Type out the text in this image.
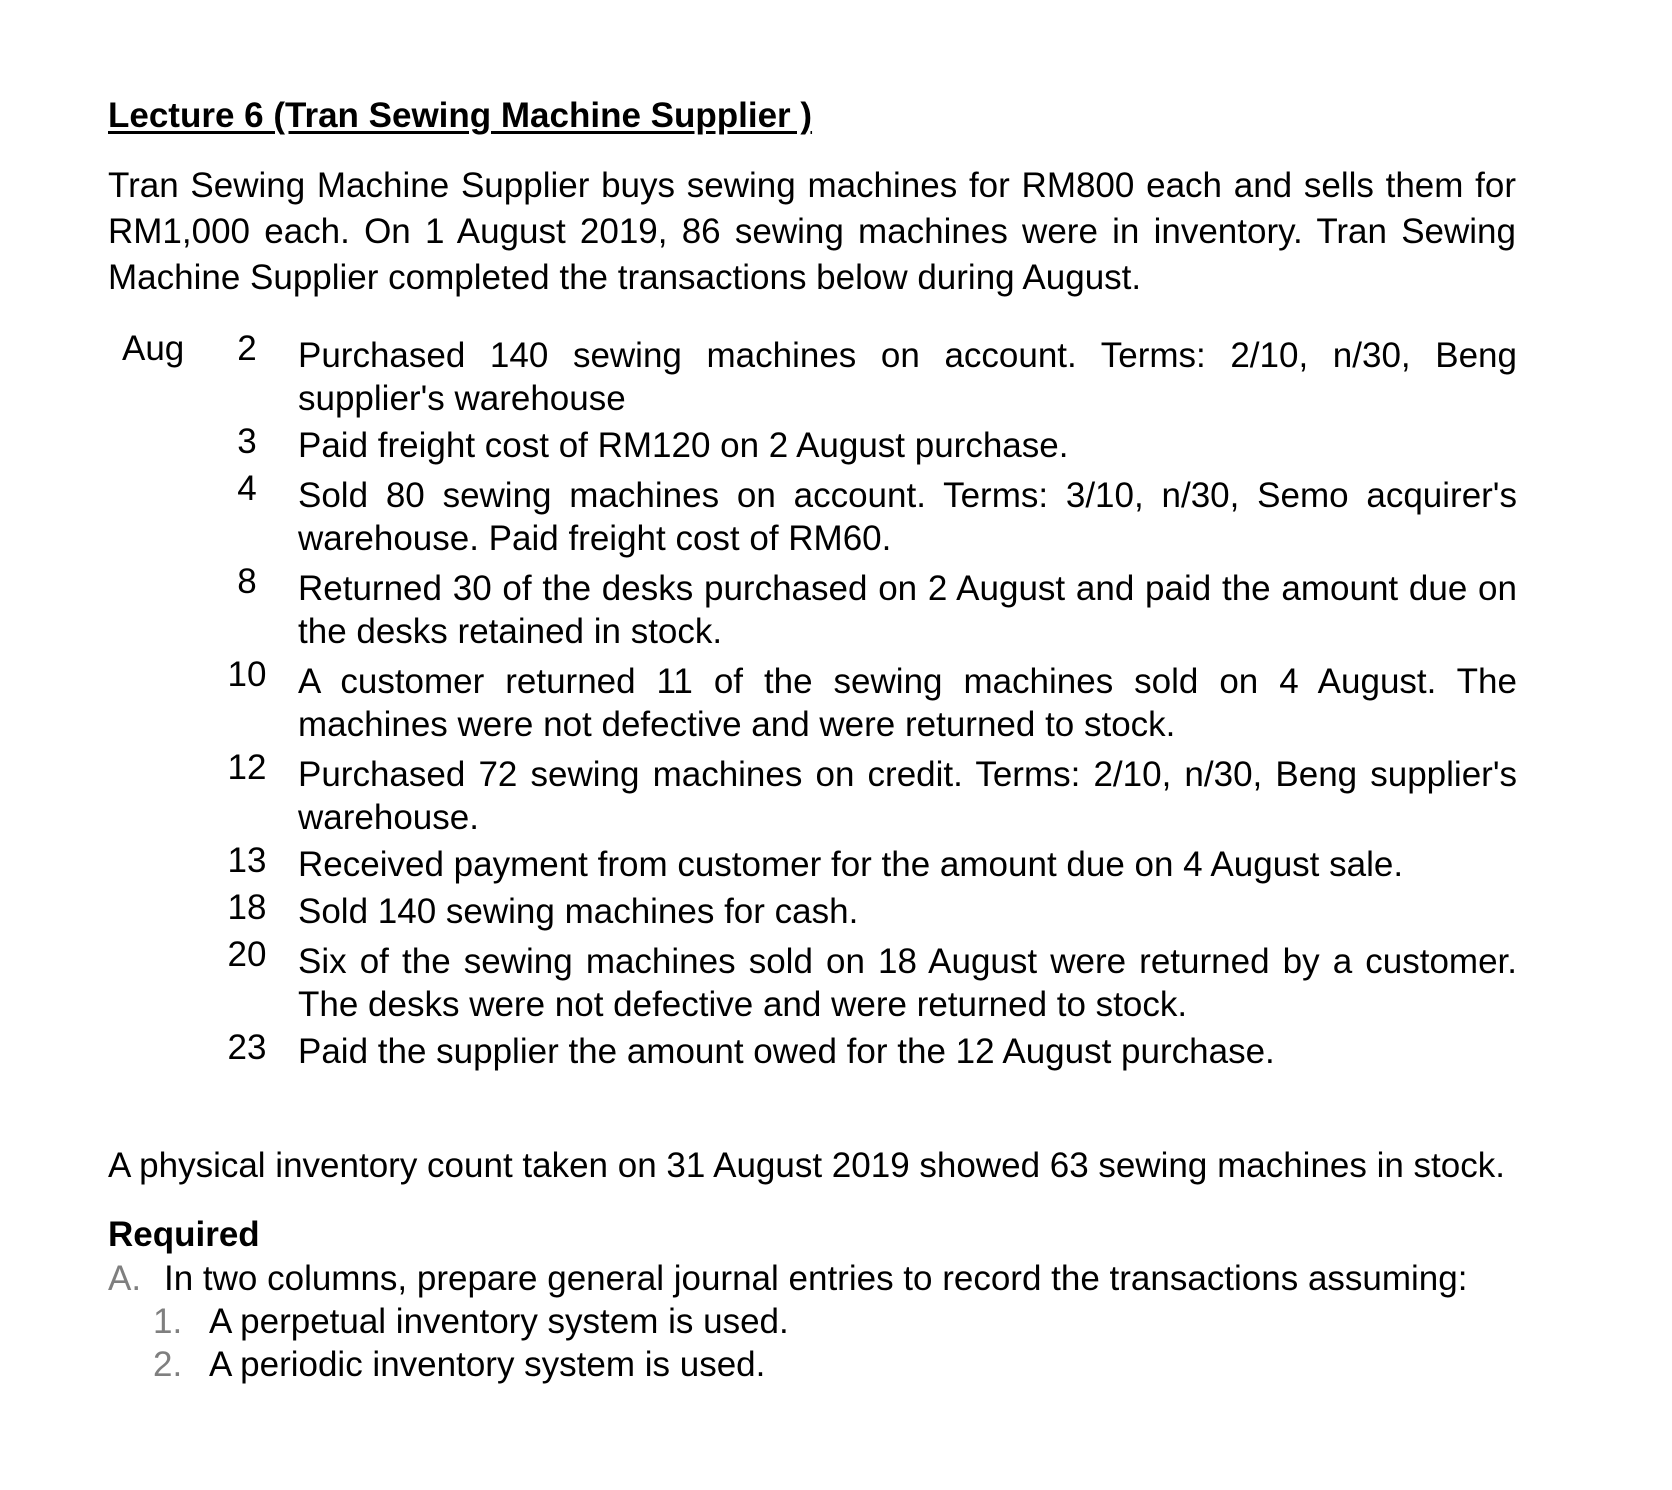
Lecture 6 (Tran Sewing Machine Supplier )

Tran Sewing Machine Supplier buys sewing machines for RM800 each and sells them for RM1,000 each. On 1 August 2019, 86 sewing machines were in inventory. Tran Sewing Machine Supplier completed the transactions below during August.

Aug	2	Purchased 140 sewing machines on account. Terms: 2/10, n/30, Beng supplier's warehouse
3	Paid freight cost of RM120 on 2 August purchase.
4	Sold 80 sewing machines on account. Terms: 3/10, n/30, Semo acquirer's warehouse. Paid freight cost of RM60.
8	Returned 30 of the desks purchased on 2 August and paid the amount due on the desks retained in stock.
10 A customer returned 11 of the sewing machines sold on 4 August. The machines were not defective and were returned to stock.
12 Purchased 72 sewing machines on credit. Terms: 2/10, n/30, Beng supplier's warehouse.
13 Received payment from customer for the amount due on 4 August sale.
18 Sold 140 sewing machines for cash.
20 Six of the sewing machines sold on 18 August were returned by a customer. The desks were not defective and were returned to stock.
23 Paid the supplier the amount owed for the 12 August purchase.

A physical inventory count taken on 31 August 2019 showed 63 sewing machines in stock.

Required
A. In two columns, prepare general journal entries to record the transactions assuming:
1. A perpetual inventory system is used.
2. A periodic inventory system is used.
